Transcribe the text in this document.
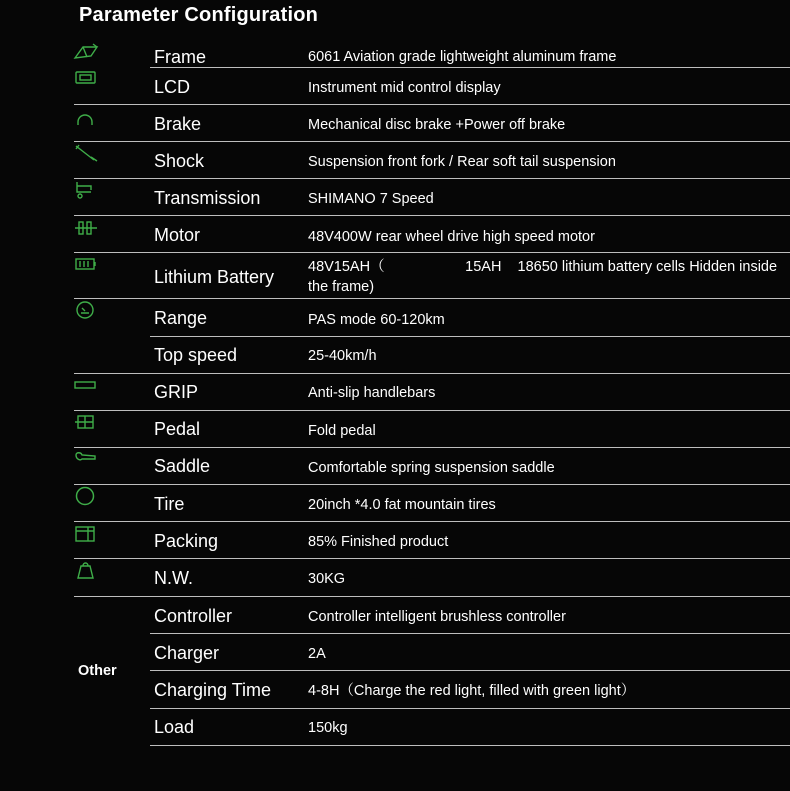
Parameter Configuration
Frame
LCD
Brake
Shock
Transmission
Motor
Lithium Battery
Range
Top speed
GRIP
Pedal
Saddle
Tire
Packing
N.W.
6061 Aviation grade lightweight aluminum frame
Instrument mid control display
Mechanical disc brake +Power off brake
Suspension front fork / Rear soft tail suspension
SHIMANO 7 Speed
48V400W rear wheel drive high speed motor
48V15AH（                    15AH    18650 lithium battery cells Hidden inside the frame)
PAS mode 60-120km
25-40km/h
Anti-slip handlebars
Fold pedal
Comfortable spring suspension saddle
20inch *4.0 fat mountain tires
85% Finished product
30KG
Other
Controller
Charger
Charging Time
Load
Controller intelligent brushless controller
2A
4-8H（Charge the red light, filled with green light）
150kg
